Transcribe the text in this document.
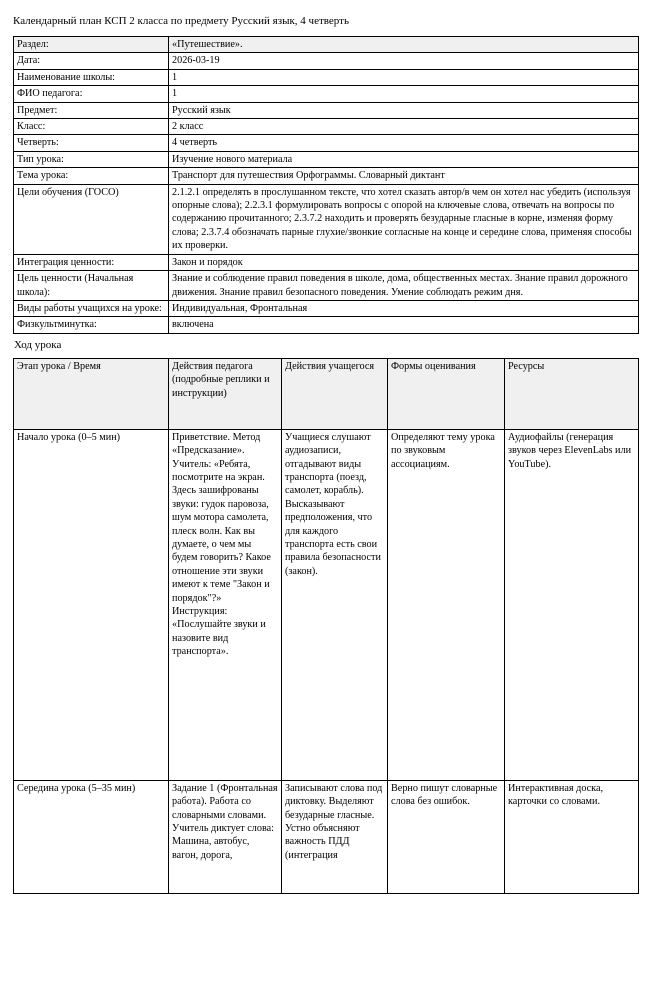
Календарный план КСП 2 класса по предмету Русский язык, 4 четверть
Раздел:	«Путешествие».
Дата:	2026-03-19
Наименование школы:	1
ФИО педагога:	1
Предмет:	Русский язык
Класс:	2 класс
Четверть:	4 четверть
Тип урока:	Изучение нового материала
Тема урока:	Транспорт для путешествия Орфограммы. Словарный диктант
Цели обучения (ГОСО)	2.1.2.1 определять в прослушанном тексте, что хотел сказать автор/в чем он хотел нас убедить (используя опорные слова); 2.2.3.1 формулировать вопросы с опорой на ключевые слова, отвечать на вопросы по содержанию прочитанного; 2.3.7.2 находить и проверять безударные гласные в корне, изменяя форму слова; 2.3.7.4 обозначать парные глухие/звонкие согласные на конце и середине слова, применяя способы их проверки.
Интеграция ценности:	Закон и порядок
Цель ценности (Начальная школа):	Знание и соблюдение правил поведения в школе, дома, общественных местах. Знание правил дорожного движения. Знание правил безопасного поведения. Умение соблюдать режим дня.
Виды работы учащихся на уроке:	Индивидуальная, Фронтальная
Физкультминутка:	включена
Ход урока
Этап урока / Время	Действия педагога (подробные реплики и инструкции)	Действия учащегося	Формы оценивания	Ресурсы
Начало урока (0–5 мин)	Приветствие. Метод «Предсказание». Учитель: «Ребята, посмотрите на экран. Здесь зашифрованы звуки: гудок паровоза, шум мотора самолета, плеск волн. Как вы думаете, о чем мы будем говорить? Какое отношение эти звуки имеют к теме "Закон и порядок"?» Инструкция: «Послушайте звуки и назовите вид транспорта».	Учащиеся слушают аудиозаписи, отгадывают виды транспорта (поезд, самолет, корабль). Высказывают предположения, что для каждого транспорта есть свои правила безопасности (закон).	Определяют тему урока по звуковым ассоциациям.	Аудиофайлы (генерация звуков через ElevenLabs или YouTube).
Середина урока (5–35 мин)	Задание 1 (Фронтальная работа). Работа со словарными словами. Учитель диктует слова: Машина, автобус, вагон, дорога,	Записывают слова под диктовку. Выделяют безударные гласные. Устно объясняют важность ПДД (интеграция	Верно пишут словарные слова без ошибок.	Интерактивная доска, карточки со словами.
